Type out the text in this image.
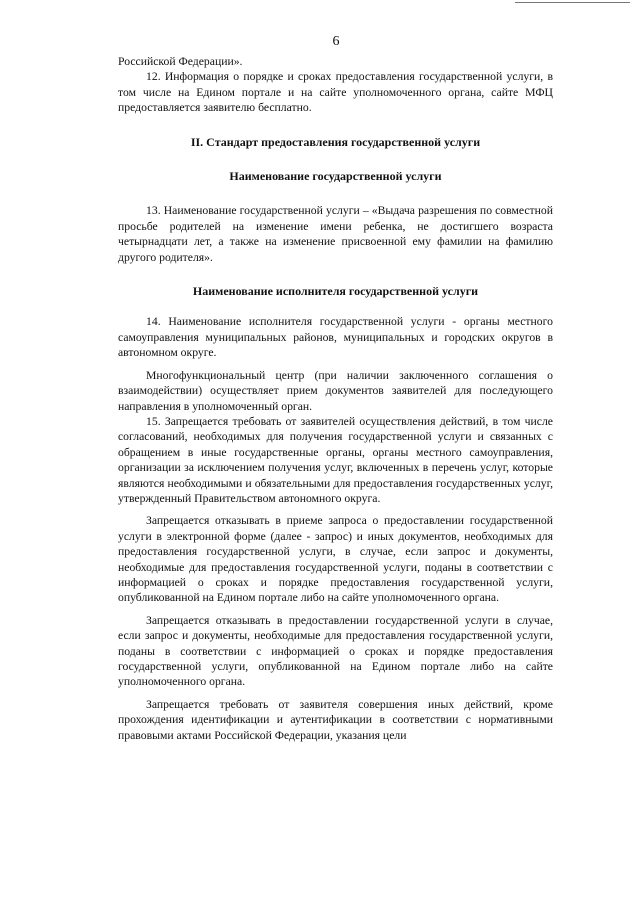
6

Российской Федерации».

12. Информация о порядке и сроках предоставления государственной услуги, в том числе на Едином портале и на сайте уполномоченного органа, сайте МФЦ предоставляется заявителю бесплатно.

II. Стандарт предоставления государственной услуги
Наименование государственной услуги

13. Наименование государственной услуги – «Выдача разрешения по совместной просьбе родителей на изменение имени ребенка, не достигшего возраста четырнадцати лет, а также на изменение присвоенной ему фамилии на фамилию другого родителя».

Наименование исполнителя государственной услуги

14. Наименование исполнителя государственной услуги - органы местного самоуправления муниципальных районов, муниципальных и городских округов в автономном округе.

Многофункциональный центр (при наличии заключенного соглашения о взаимодействии) осуществляет прием документов заявителей для последующего направления в уполномоченный орган.

15. Запрещается требовать от заявителей осуществления действий, в том числе согласований, необходимых для получения государственной услуги и связанных с обращением в иные государственные органы, органы местного самоуправления, организации за исключением получения услуг, включенных в перечень услуг, которые являются необходимыми и обязательными для предоставления государственных услуг, утвержденный Правительством автономного округа.

Запрещается отказывать в приеме запроса о предоставлении государственной услуги в электронной форме (далее - запрос) и иных документов, необходимых для предоставления государственной услуги, в случае, если запрос и документы, необходимые для предоставления государственной услуги, поданы в соответствии с информацией о сроках и порядке предоставления государственной услуги, опубликованной на Едином портале либо на сайте уполномоченного органа.

Запрещается отказывать в предоставлении государственной услуги в случае, если запрос и документы, необходимые для предоставления государственной услуги, поданы в соответствии с информацией о сроках и порядке предоставления государственной услуги, опубликованной на Едином портале либо на сайте уполномоченного органа.

Запрещается требовать от заявителя совершения иных действий, кроме прохождения идентификации и аутентификации в соответствии с нормативными правовыми актами Российской Федерации, указания цели
